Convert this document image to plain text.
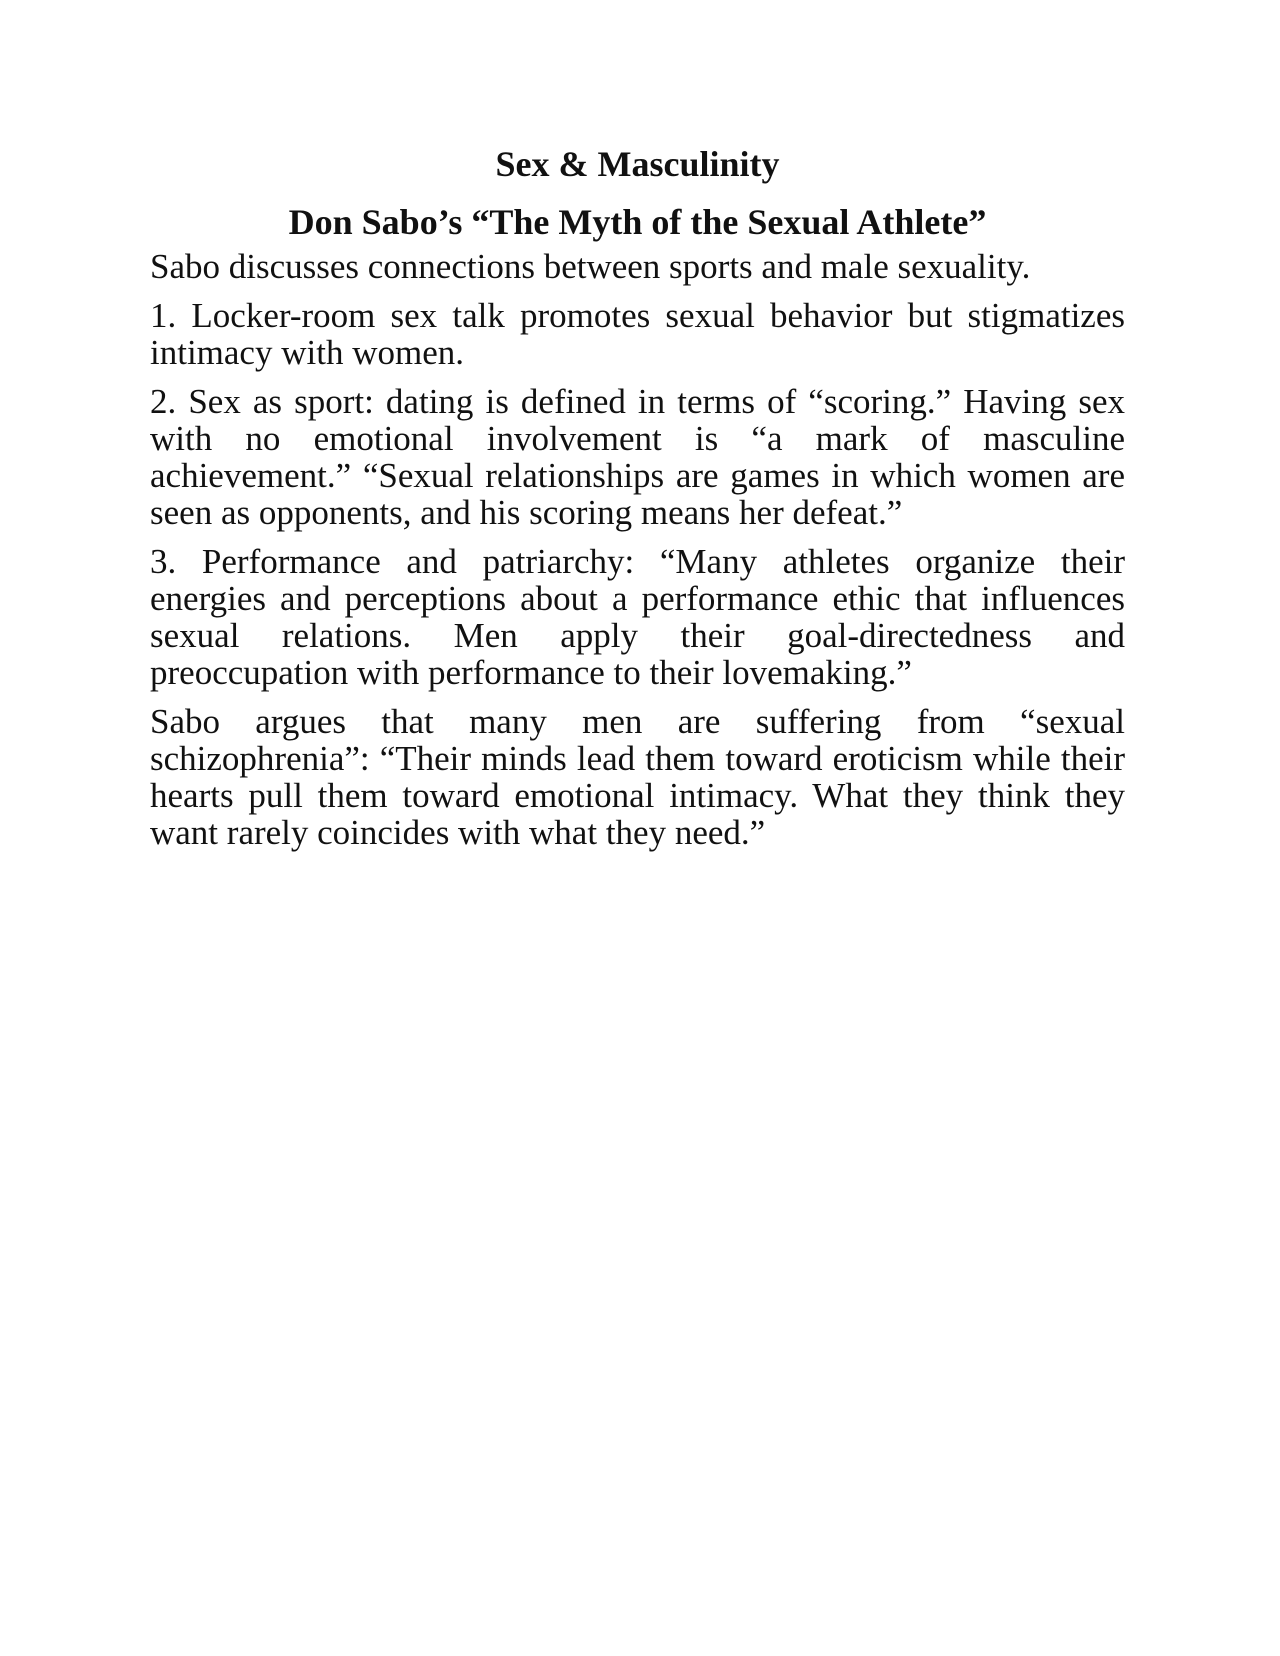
Sex & Masculinity
Don Sabo’s “The Myth of the Sexual Athlete”

Sabo discusses connections between sports and male sexuality.

1. Locker-room sex talk promotes sexual behavior but stigmatizes intimacy with women.

2. Sex as sport: dating is defined in terms of “scoring.” Having sex with no emotional involvement is “a mark of masculine achievement.” “Sexual relationships are games in which women are seen as opponents, and his scoring means her defeat.”

3. Performance and patriarchy: “Many athletes organize their energies and perceptions about a performance ethic that influences sexual relations. Men apply their goal-directedness and preoccupation with performance to their lovemaking.”

Sabo argues that many men are suffering from “sexual schizophrenia”: “Their minds lead them toward eroticism while their hearts pull them toward emotional intimacy. What they think they want rarely coincides with what they need.”
